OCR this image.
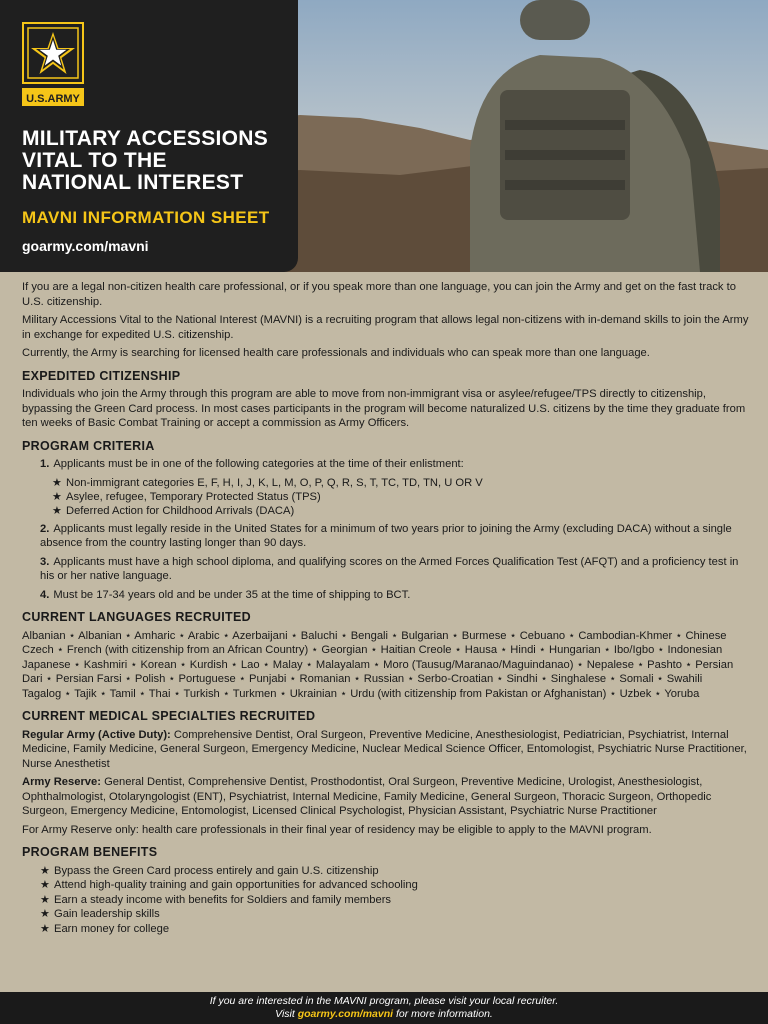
U.S.ARMY
MILITARY ACCESSIONS
VITAL TO THE
NATIONAL INTEREST
MAVNI INFORMATION SHEET
goarmy.com/mavni

If you are a legal non-citizen health care professional, or if you speak more than one language, you can join the Army and get on the fast track to U.S. citizenship.

Military Accessions Vital to the National Interest (MAVNI) is a recruiting program that allows legal non-citizens with in-demand skills to join the Army in exchange for expedited U.S. citizenship.

Currently, the Army is searching for licensed health care professionals and individuals who can speak more than one language.

EXPEDITED CITIZENSHIP

Individuals who join the Army through this program are able to move from non-immigrant visa or asylee/refugee/TPS directly to citizenship, bypassing the Green Card process. In most cases participants in the program will become naturalized U.S. citizens by the time they graduate from ten weeks of Basic Combat Training or accept a commission as Army Officers.

PROGRAM CRITERIA

1. Applicants must be in one of the following categories at the time of their enlistment:

★ Non-immigrant categories E, F, H, I, J, K, L, M, O, P, Q, R, S, T, TC, TD, TN, U OR V
★ Asylee, refugee, Temporary Protected Status (TPS)
★ Deferred Action for Childhood Arrivals (DACA)

2. Applicants must legally reside in the United States for a minimum of two years prior to joining the Army (excluding DACA) without a single absence from the country lasting longer than 90 days.

3. Applicants must have a high school diploma, and qualifying scores on the Armed Forces Qualification Test (AFQT) and a proficiency test in his or her native language.

4. Must be 17-34 years old and be under 35 at the time of shipping to BCT.

CURRENT LANGUAGES RECRUITED
Albanian ⋆ Albanian ⋆ Amharic ⋆ Arabic ⋆ Azerbaijani ⋆ Baluchi ⋆ Bengali ⋆ Bulgarian ⋆ Burmese ⋆ Cebuano ⋆ Cambodian-Khmer ⋆ Chinese
Czech ⋆ French (with citizenship from an African Country) ⋆ Georgian ⋆ Haitian Creole ⋆ Hausa ⋆ Hindi ⋆ Hungarian ⋆ Ibo/Igbo ⋆ Indonesian
Japanese ⋆ Kashmiri ⋆ Korean ⋆ Kurdish ⋆ Lao ⋆ Malay ⋆ Malayalam ⋆ Moro (Tausug/Maranao/Maguindanao) ⋆ Nepalese ⋆ Pashto ⋆ Persian
Dari ⋆ Persian Farsi ⋆ Polish ⋆ Portuguese ⋆ Punjabi ⋆ Romanian ⋆ Russian ⋆ Serbo-Croatian ⋆ Sindhi ⋆ Singhalese ⋆ Somali ⋆ Swahili
Tagalog ⋆ Tajik ⋆ Tamil ⋆ Thai ⋆ Turkish ⋆ Turkmen ⋆ Ukrainian ⋆ Urdu (with citizenship from Pakistan or Afghanistan) ⋆ Uzbek ⋆ Yoruba
CURRENT MEDICAL SPECIALTIES RECRUITED

Regular Army (Active Duty): Comprehensive Dentist, Oral Surgeon, Preventive Medicine, Anesthesiologist, Pediatrician, Psychiatrist, Internal Medicine, Family Medicine, General Surgeon, Emergency Medicine, Nuclear Medical Science Officer, Entomologist, Psychiatric Nurse Practitioner, Nurse Anesthetist

Army Reserve: General Dentist, Comprehensive Dentist, Prosthodontist, Oral Surgeon, Preventive Medicine, Urologist, Anesthesiologist, Ophthalmologist, Otolaryngologist (ENT), Psychiatrist, Internal Medicine, Family Medicine, General Surgeon, Thoracic Surgeon, Orthopedic Surgeon, Emergency Medicine, Entomologist, Licensed Clinical Psychologist, Physician Assistant, Psychiatric Nurse Practitioner

For Army Reserve only: health care professionals in their final year of residency may be eligible to apply to the MAVNI program.

PROGRAM BENEFITS
★ Bypass the Green Card process entirely and gain U.S. citizenship
★ Attend high-quality training and gain opportunities for advanced schooling
★ Earn a steady income with benefits for Soldiers and family members
★ Gain leadership skills
★ Earn money for college
If you are interested in the MAVNI program, please visit your local recruiter.
Visit goarmy.com/mavni for more information.
